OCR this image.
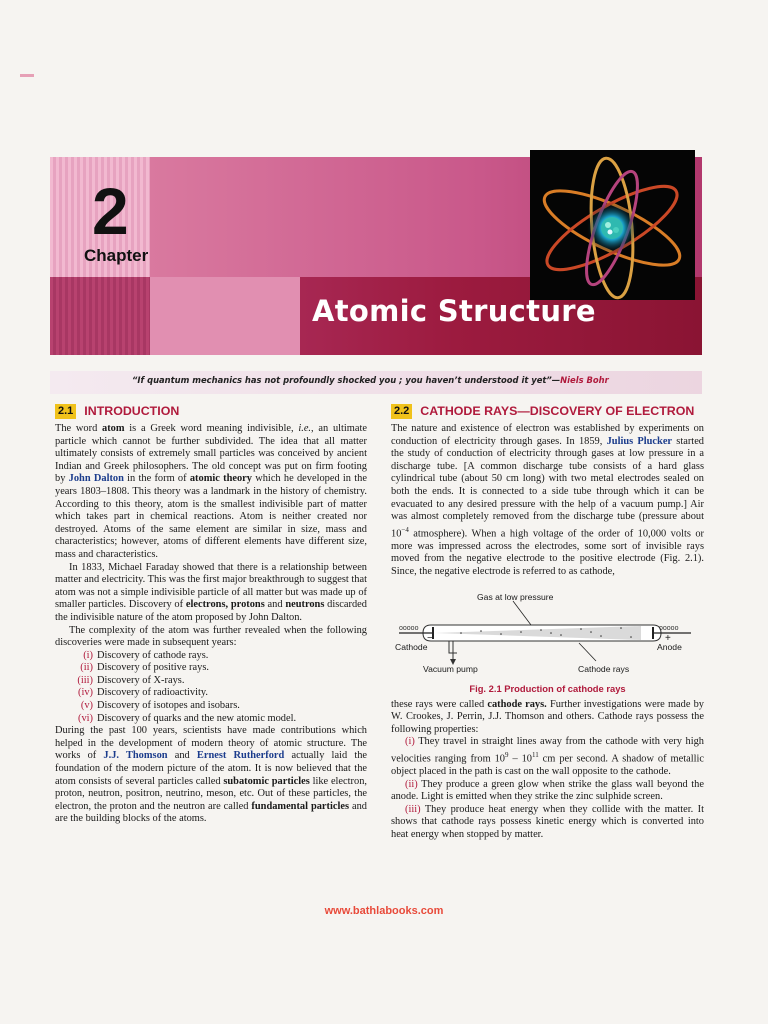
2
Chapter
Atomic Structure
“If quantum mechanics has not profoundly shocked you ; you haven’t understood it yet”—Niels Bohr
2.1 INTRODUCTION

The word atom is a Greek word meaning indivisible, i.e., an ultimate particle which cannot be further subdivided. The idea that all matter ultimately consists of extremely small particles was conceived by ancient Indian and Greek philosophers. The old concept was put on firm footing by John Dalton in the form of atomic theory which he developed in the years 1803–1808. This theory was a landmark in the history of chemistry. According to this theory, atom is the smallest indivisible part of matter which takes part in chemical reactions. Atom is neither created nor destroyed. Atoms of the same element are similar in size, mass and characteristics; however, atoms of different elements have different size, mass and characteristics.

In 1833, Michael Faraday showed that there is a relationship between matter and electricity. This was the first major breakthrough to suggest that atom was not a simple indivisible particle of all matter but was made up of smaller particles. Discovery of electrons, protons and neutrons discarded the indivisible nature of the atom proposed by John Dalton.

The complexity of the atom was further revealed when the following discoveries were made in subsequent years:

(i) Discovery of cathode rays.
(ii) Discovery of positive rays.
(iii) Discovery of X-rays.
(iv) Discovery of radioactivity.
(v) Discovery of isotopes and isobars.
(vi) Discovery of quarks and the new atomic model.

During the past 100 years, scientists have made contributions which helped in the development of modern theory of atomic structure. The works of J.J. Thomson and Ernest Rutherford actually laid the foundation of the modern picture of the atom. It is now believed that the atom consists of several particles called subatomic particles like electron, proton, neutron, positron, neutrino, meson, etc. Out of these particles, the electron, the proton and the neutron are called fundamental particles and are the building blocks of the atoms.

2.2 CATHODE RAYS—DISCOVERY OF ELECTRON

The nature and existence of electron was established by experiments on conduction of electricity through gases. In 1859, Julius Plucker started the study of conduction of electricity through gases at low pressure in a discharge tube. [A common discharge tube consists of a hard glass cylindrical tube (about 50 cm long) with two metal electrodes sealed on both the ends. It is connected to a side tube through which it can be evacuated to any desired pressure with the help of a vacuum pump.] Air was almost completely removed from the discharge tube (pressure about $10^{-4}$ atmosphere). When a high voltage of the order of 10,000 volts or more was impressed across the electrodes, some sort of invisible rays moved from the negative electrode to the positive electrode (Fig. 2.1). Since, the negative electrode is referred to as cathode,

ooooo	ooooo
Gas at low pressure
Cathode
−
Anode
+
Vacuum pump	Cathode rays
Fig. 2.1 Production of cathode rays

these rays were called cathode rays. Further investigations were made by W. Crookes, J. Perrin, J.J. Thomson and others. Cathode rays possess the following properties:

(i) They travel in straight lines away from the cathode with very high velocities ranging from $10^9 - 10^{11}$ cm per second. A shadow of metallic object placed in the path is cast on the wall opposite to the cathode.

(ii) They produce a green glow when strike the glass wall beyond the anode. Light is emitted when they strike the zinc sulphide screen.

(iii) They produce heat energy when they collide with the matter. It shows that cathode rays possess kinetic energy which is converted into heat energy when stopped by matter.

www.bathlabooks.com
